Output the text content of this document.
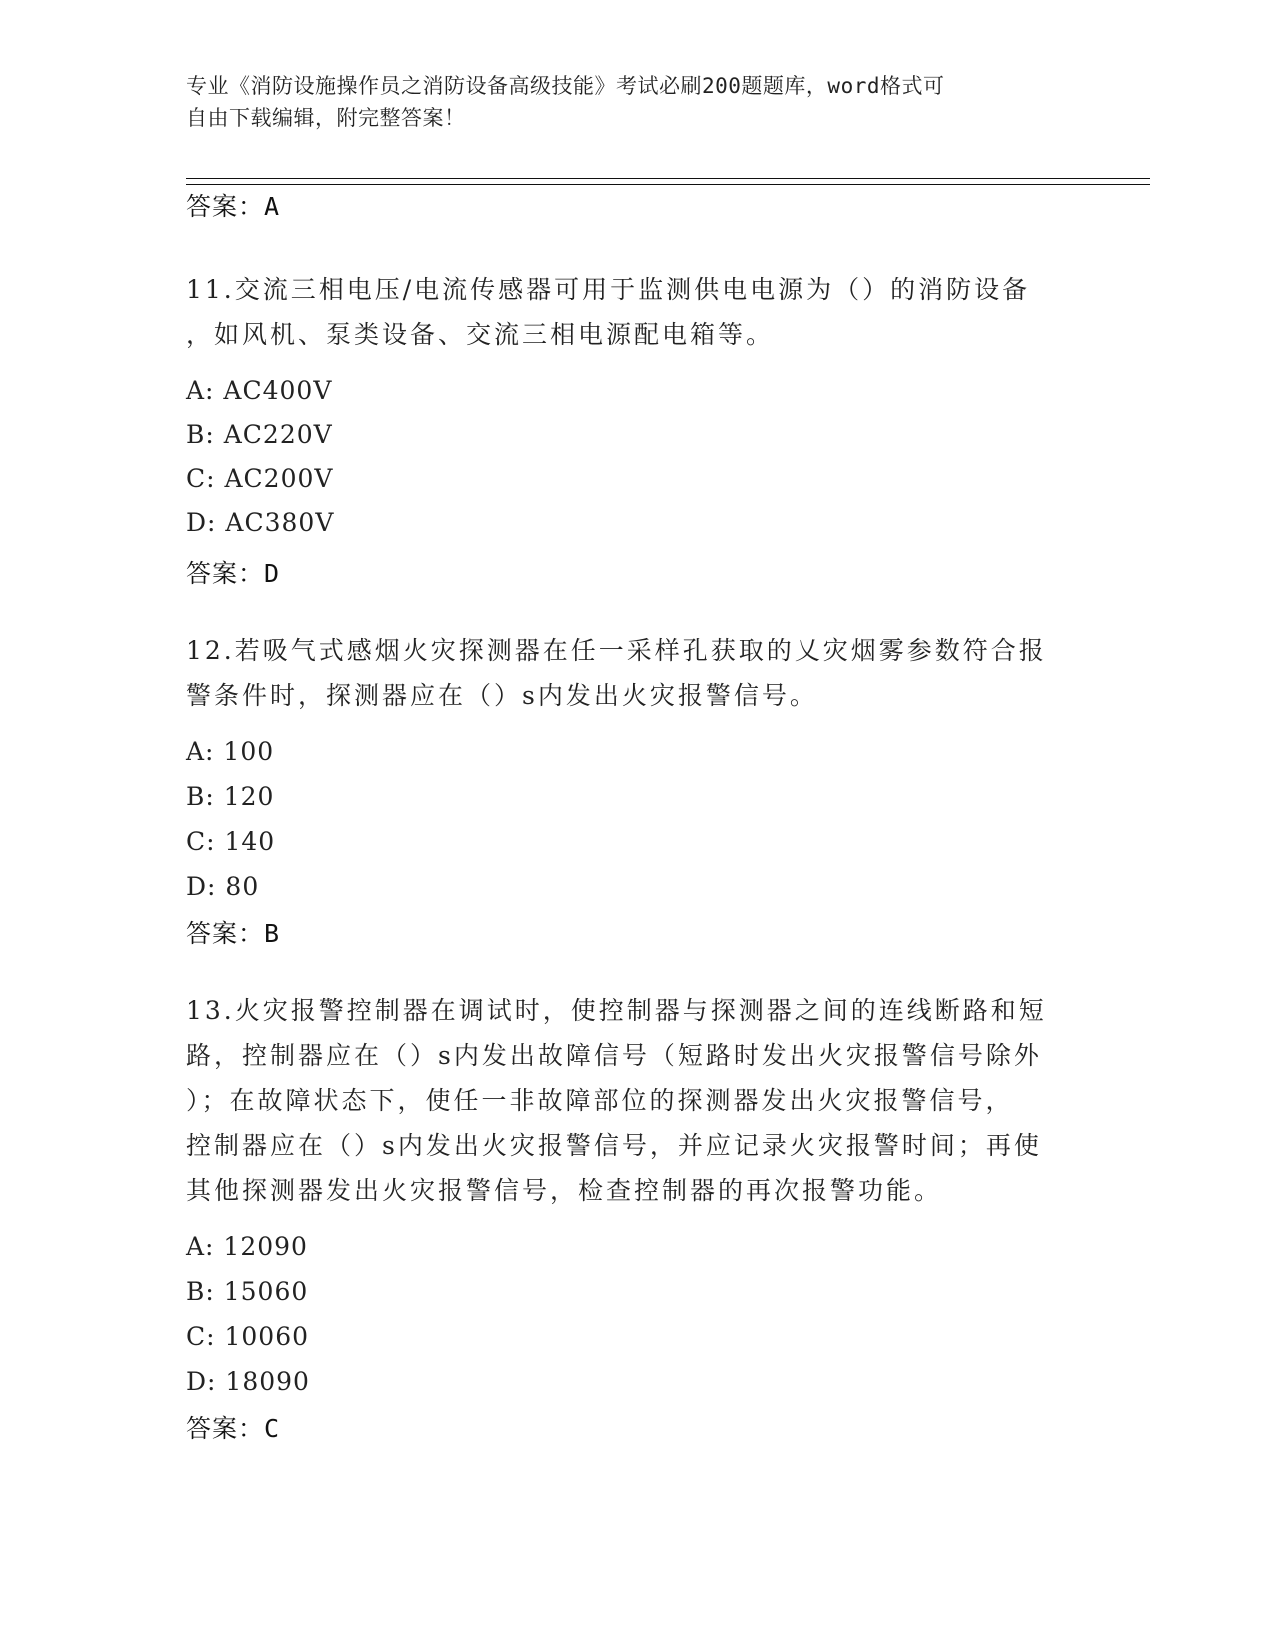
专业《消防设施操作员之消防设备高级技能》考试必刷200题题库，word格式可
自由下载编辑，附完整答案！
答案：A
11.交流三相电压/电流传感器可用于监测供电电源为（）的消防设备
，如风机、泵类设备、交流三相电源配电箱等。
A: AC400V
B: AC220V
C: AC200V
D: AC380V
答案：D
12.若吸气式感烟火灾探测器在任一采样孔获取的乂灾烟雾参数符合报
警条件时，探测器应在（）s内发出火灾报警信号。
A: 100
B: 120
C: 140
D: 80
答案：B
13.火灾报警控制器在调试时，使控制器与探测器之间的连线断路和短
路，控制器应在（）s内发出故障信号（短路时发出火灾报警信号除外
）；在故障状态下，使任一非故障部位的探测器发出火灾报警信号，
控制器应在（）s内发出火灾报警信号，并应记录火灾报警时间；再使
其他探测器发出火灾报警信号，检查控制器的再次报警功能。
A: 12090
B: 15060
C: 10060
D: 18090
答案：C
